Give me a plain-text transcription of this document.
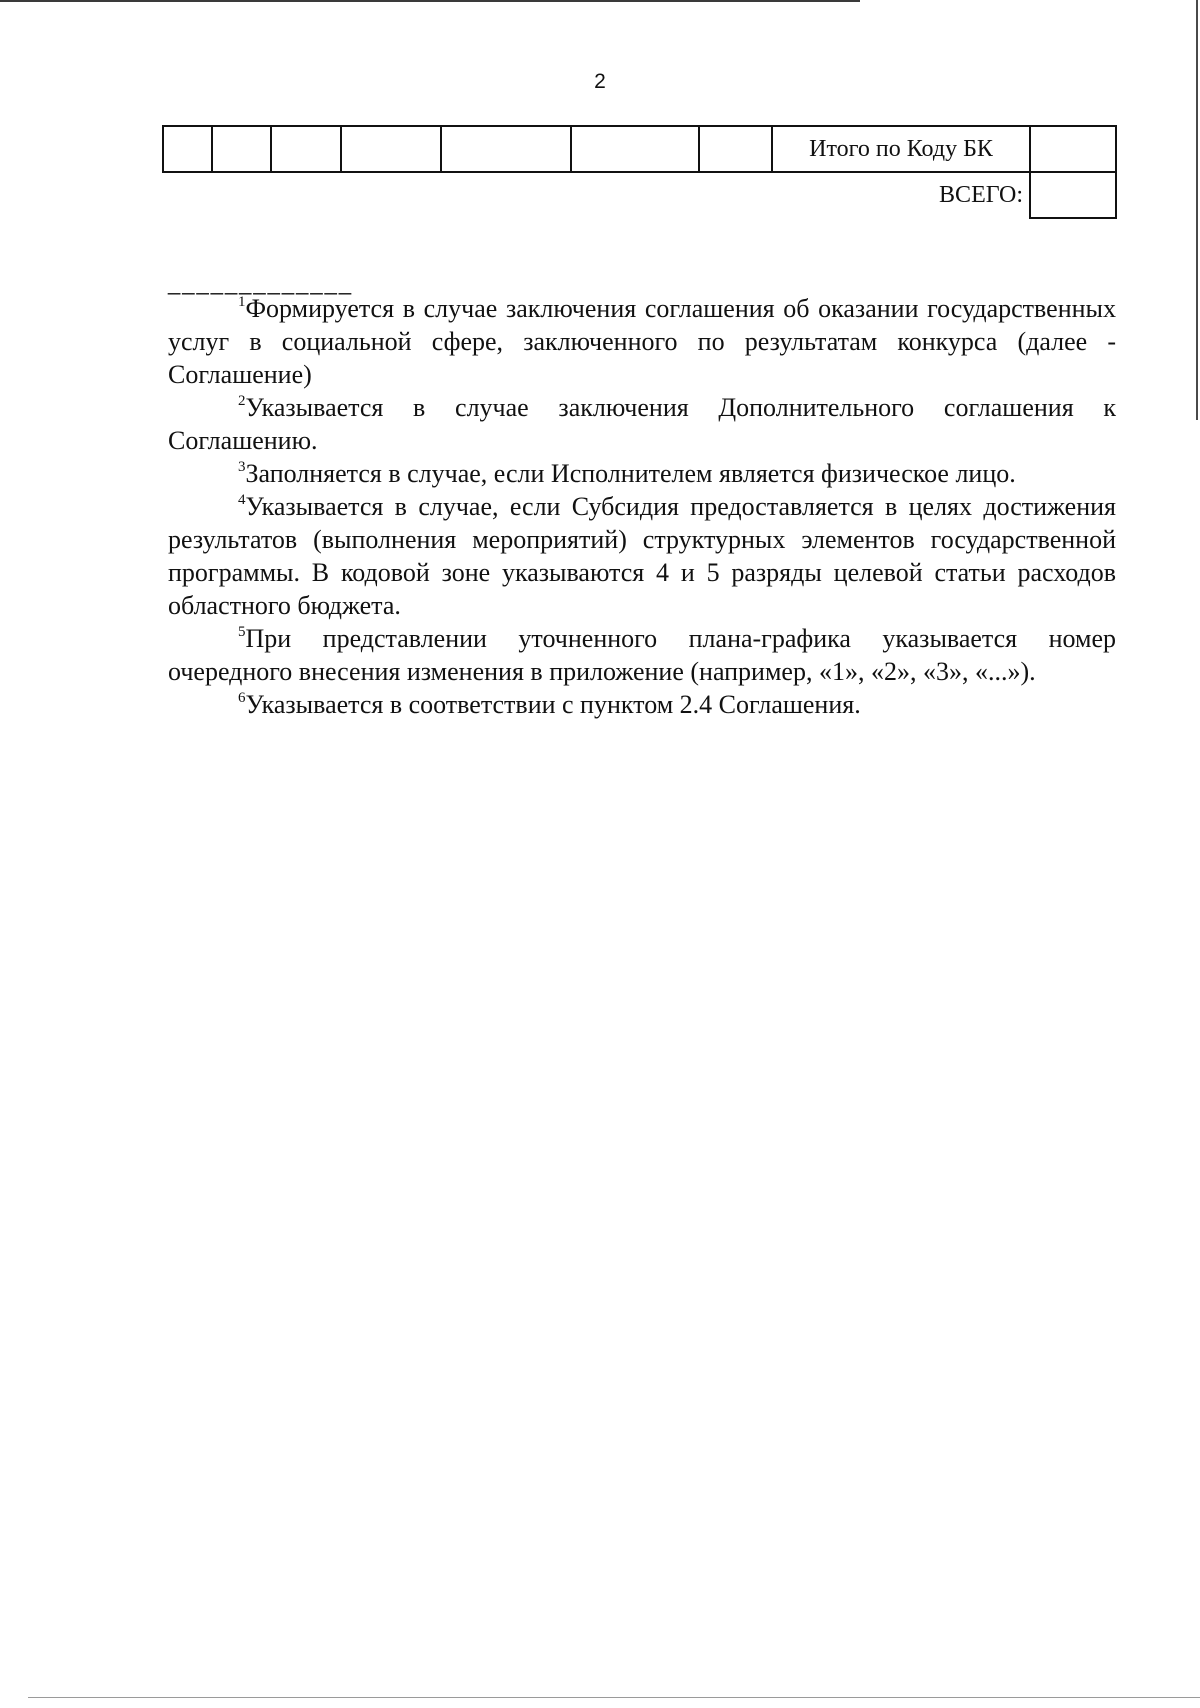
2
							Итого по Коду БК	
							ВСЕГО:	
_____________

$^1$Формируется в случае заключения соглашения об оказании государственных услуг в социальной сфере, заключенного по результатам конкурса (далее - Соглашение)

$^2$Указывается в случае заключения Дополнительного соглашения к Соглашению.

$^3$Заполняется в случае, если Исполнителем является физическое лицо.

$^4$Указывается в случае, если Субсидия предоставляется в целях достижения результатов (выполнения мероприятий) структурных элементов государственной программы. В кодовой зоне указываются 4 и 5 разряды целевой статьи расходов областного бюджета.

$^5$При представлении уточненного плана-графика указывается номер очередного внесения изменения в приложение (например, «1», «2», «3», «...»).

$^6$Указывается в соответствии с пунктом 2.4 Соглашения.
